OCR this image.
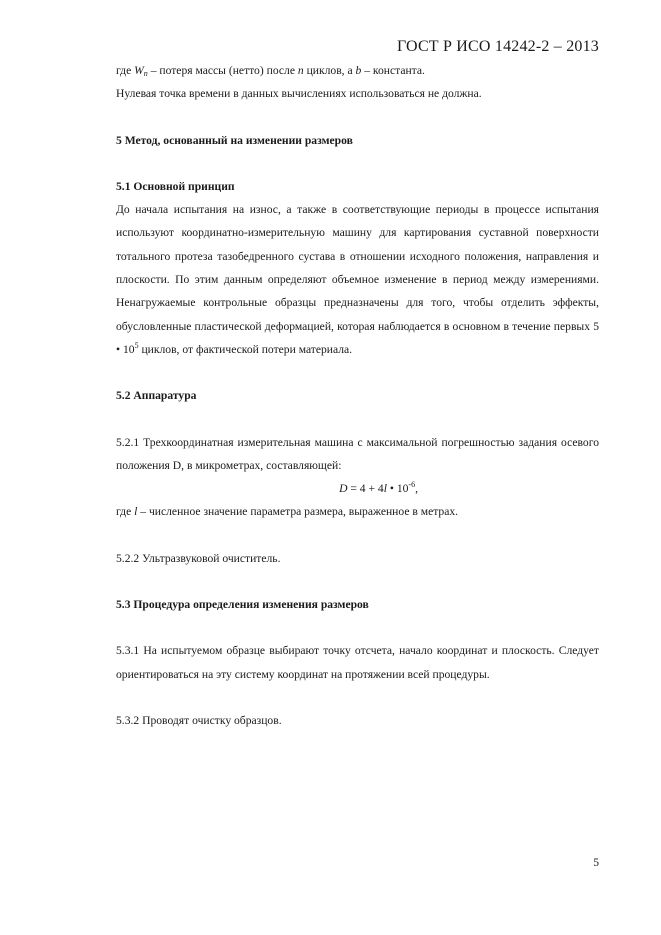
ГОСТ Р ИСО 14242-2 – 2013

где $W_n$ – потеря массы (нетто) после n циклов, а b – константа.

Нулевая точка времени в данных вычислениях использоваться не должна.

5 Метод, основанный на изменении размеров

5.1 Основной принцип

До начала испытания на износ, а также в соответствующие периоды в процессе испытания используют координатно-измерительную машину для картирования суставной поверхности тотального протеза тазобедренного сустава в отношении исходного положения, направления и плоскости. По этим данным определяют объемное изменение в период между измерениями. Ненагружаемые контрольные образцы предназначены для того, чтобы отделить эффекты, обусловленные пластической деформацией, которая наблюдается в основном в течение первых 5 • $10^5$ циклов, от фактической потери материала.

5.2 Аппаратура

5.2.1 Трехкоординатная измерительная машина с максимальной погрешностью задания осевого положения D, в микрометрах, составляющей:

D = 4 + 4l • $10^{-6}$,

где l – численное значение параметра размера, выраженное в метрах.

5.2.2 Ультразвуковой очиститель.

5.3 Процедура определения изменения размеров

5.3.1 На испытуемом образце выбирают точку отсчета, начало координат и плоскость. Следует ориентироваться на эту систему координат на протяжении всей процедуры.

5.3.2 Проводят очистку образцов.

5
